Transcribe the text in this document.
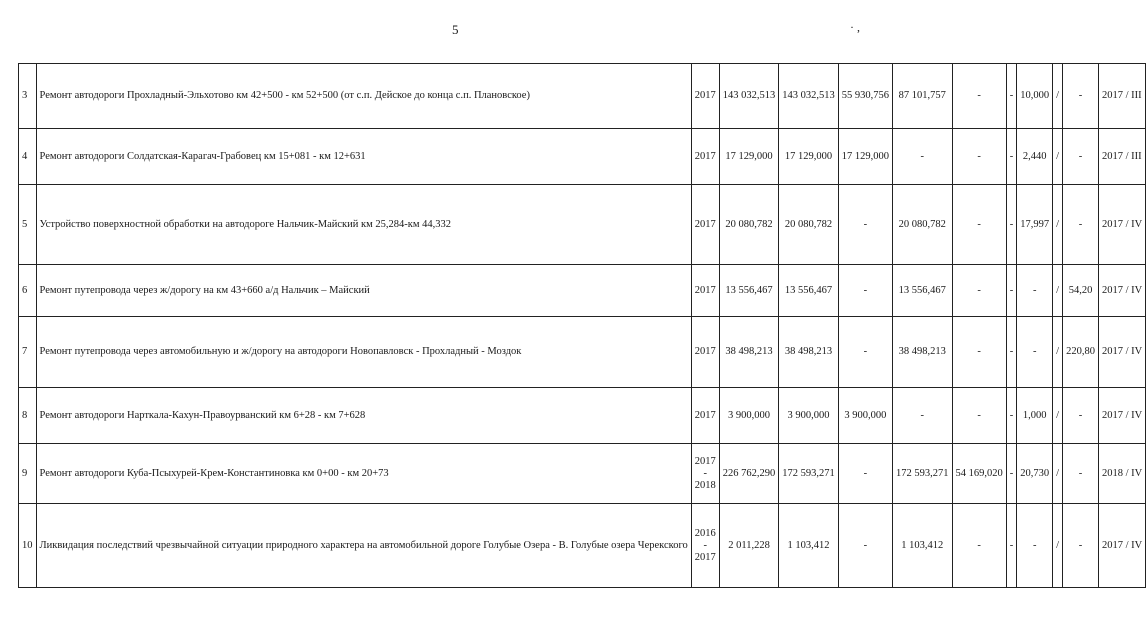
5	· ,
3	Ремонт автодороги Прохладный-Эльхотово км 42+500 - км 52+500 (от с.п. Дейское до конца с.п. Плановское)	2017	143 032,513	143 032,513	55 930,756	87 101,757	-	-	10,000	/	-	2017 / III
4	Ремонт автодороги Солдатская-Карагач-Грабовец км 15+081 - км 12+631	2017	17 129,000	17 129,000	17 129,000	-	-	-	2,440	/	-	2017 / III
5	Устройство поверхностной обработки на автодороге Нальчик-Майский км 25,284-км 44,332	2017	20 080,782	20 080,782	-	20 080,782	-	-	17,997	/	-	2017 / IV
6	Ремонт путепровода через ж/дорогу на км 43+660 а/д Нальчик – Майский	2017	13 556,467	13 556,467	-	13 556,467	-	-	-	/	54,20	2017 / IV
7	Ремонт путепровода через автомобильную и ж/дорогу на автодороги Новопавловск - Прохладный - Моздок	2017	38 498,213	38 498,213	-	38 498,213	-	-	-	/	220,80	2017 / IV
8	Ремонт автодороги Нарткала-Кахун-Правоурванский км 6+28 - км 7+628	2017	3 900,000	3 900,000	3 900,000	-	-	-	1,000	/	-	2017 / IV
9	Ремонт автодороги Куба-Псыхурей-Крем-Константиновка км 0+00 - км 20+73	2017
-
2018	226 762,290	172 593,271	-	172 593,271	54 169,020	-	20,730	/	-	2018 / IV
10	Ликвидация последствий чрезвычайной ситуации природного характера на автомобильной дороге Голубые Озера - В. Голубые озера Черекского	2016
-
2017	2 011,228	1 103,412	-	1 103,412	-	-	-	/	-	2017 / IV
